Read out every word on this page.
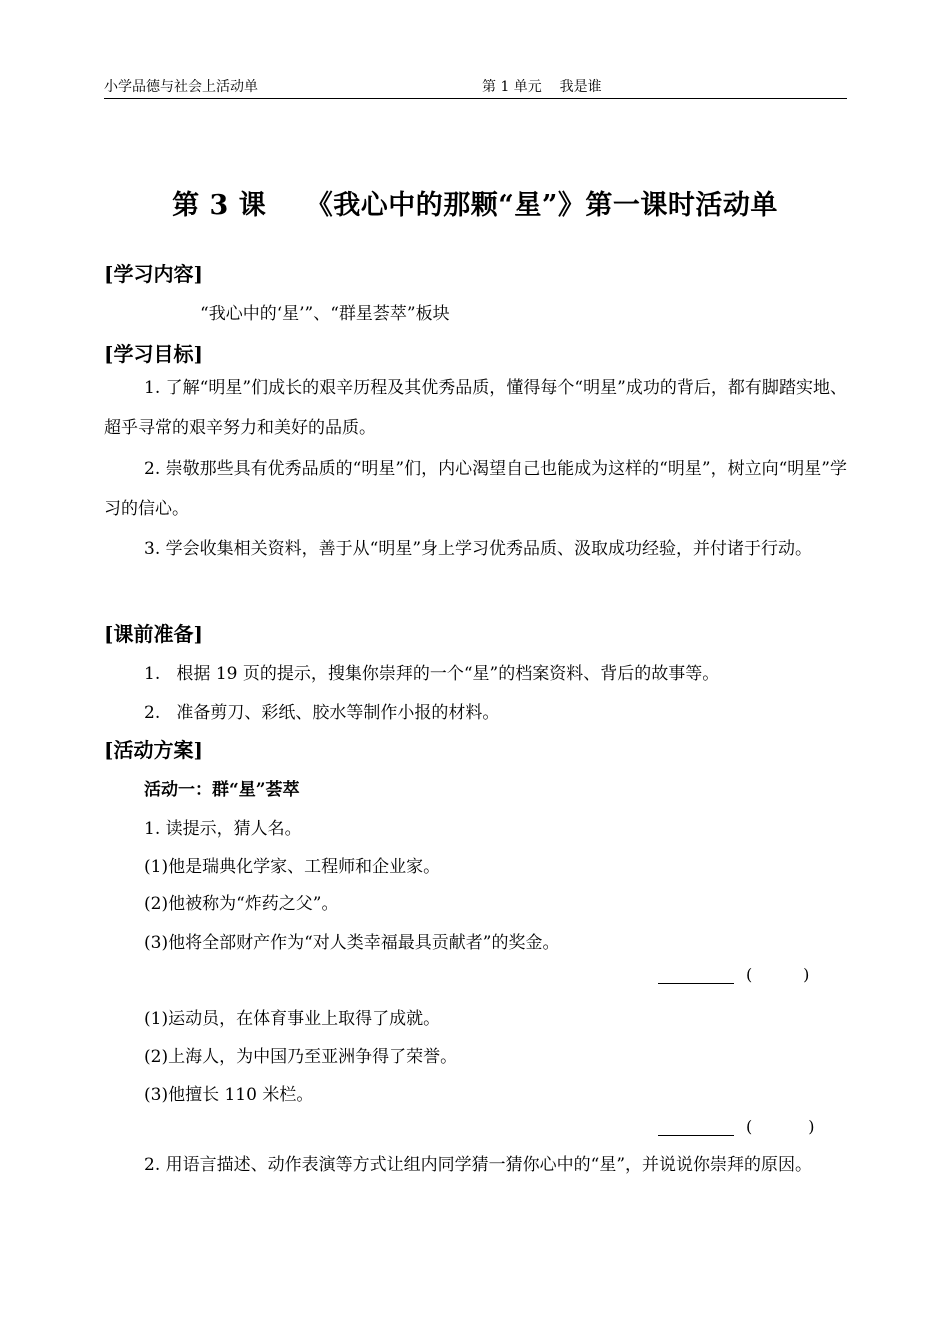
小学品德与社会上活动单	第 1 单元    我是谁
第 3 课    《我心中的那颗“星”》第一课时活动单
[学习内容]
“我心中的‘星’”、“群星荟萃”板块
[学习目标]
1. 了解“明星”们成长的艰辛历程及其优秀品质，懂得每个“明星”成功的背后，都有脚踏实地、超乎寻常的艰辛努力和美好的品质。
2. 崇敬那些具有优秀品质的“明星”们，内心渴望自己也能成为这样的“明星”，树立向“明星”学习的信心。
3. 学会收集相关资料，善于从“明星”身上学习优秀品质、汲取成功经验，并付诸于行动。
[课前准备]
1.   根据 19 页的提示，搜集你崇拜的一个“星”的档案资料、背后的故事等。
2.   准备剪刀、彩纸、胶水等制作小报的材料。
[活动方案]
活动一：群“星”荟萃
1. 读提示，猜人名。
(1)他是瑞典化学家、工程师和企业家。
(2)他被称为“炸药之父”。
(3)他将全部财产作为“对人类幸福最具贡献者”的奖金。
(          )
(1)运动员，在体育事业上取得了成就。
(2)上海人，为中国乃至亚洲争得了荣誉。
(3)他擅长 110 米栏。
(           )
2. 用语言描述、动作表演等方式让组内同学猜一猜你心中的“星”，并说说你崇拜的原因。
